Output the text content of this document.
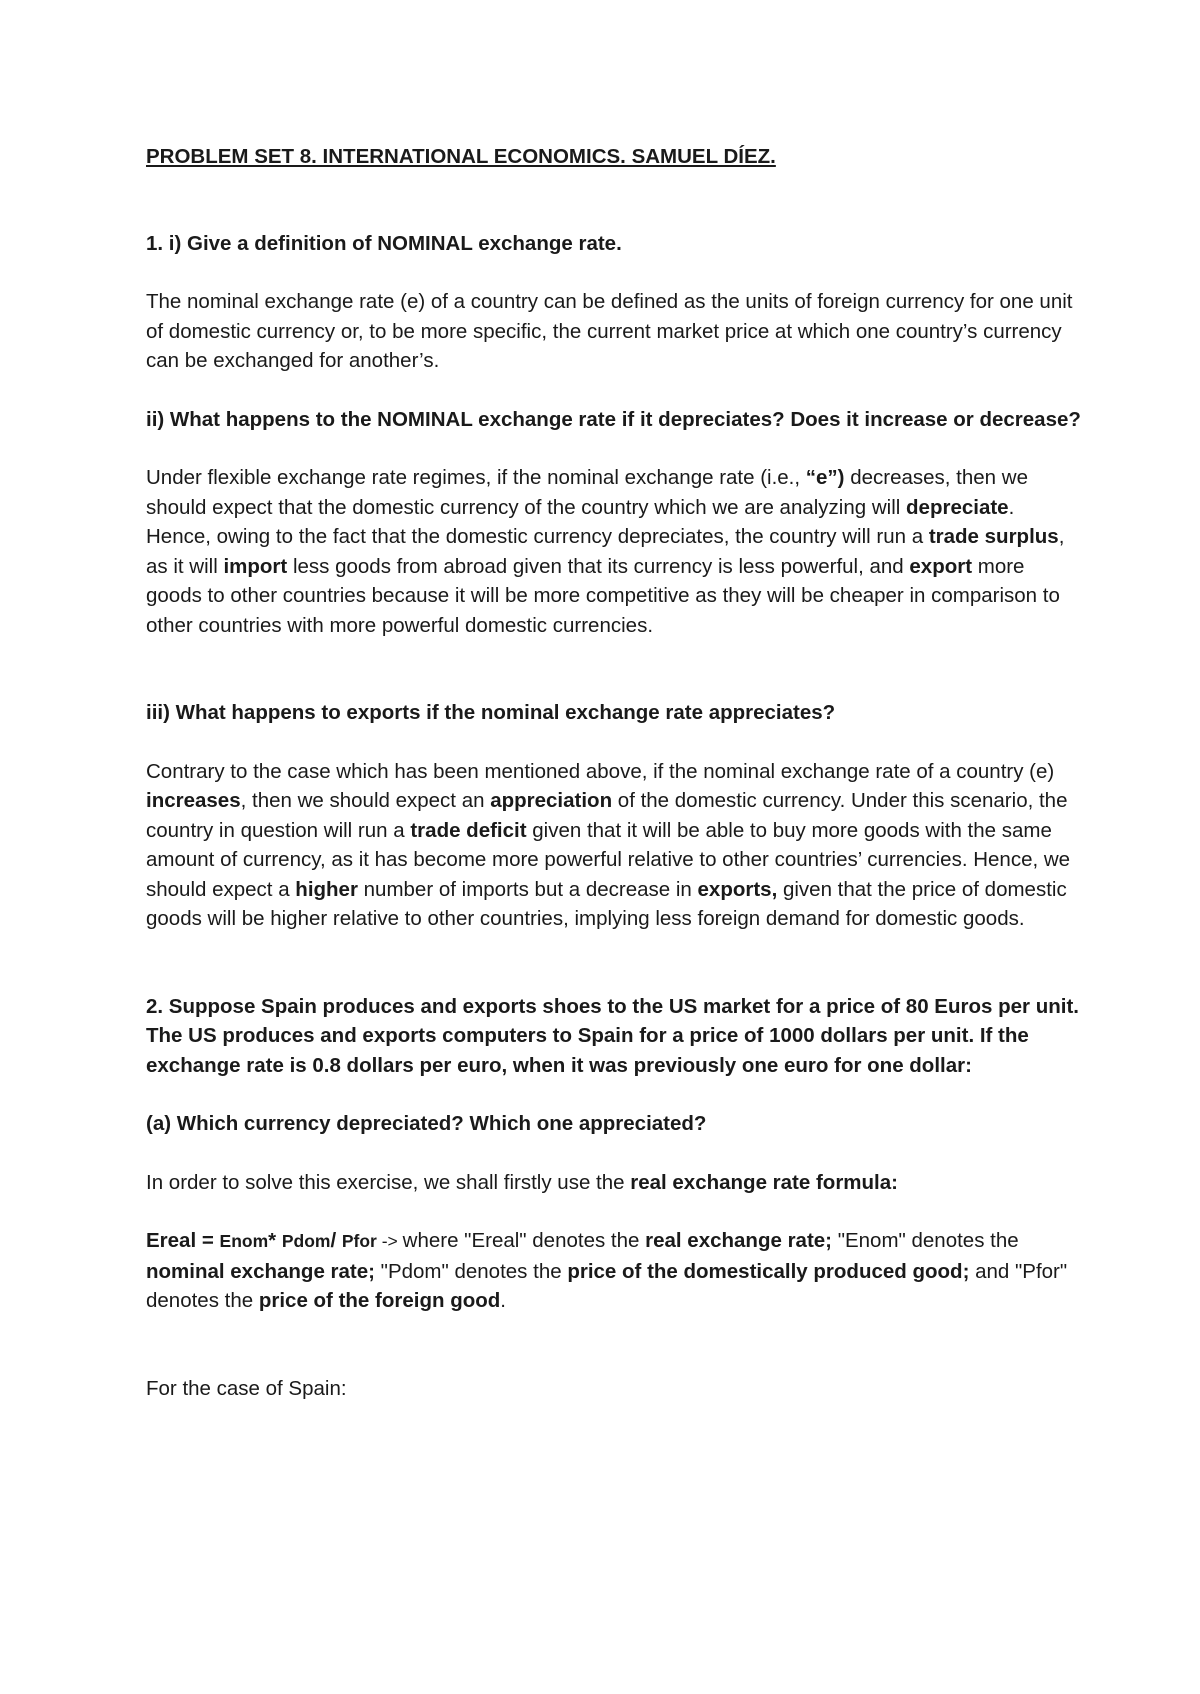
PROBLEM SET 8. INTERNATIONAL ECONOMICS. SAMUEL DÍEZ.

1. i) Give a definition of NOMINAL exchange rate.

The nominal exchange rate (e) of a country can be defined as the units of foreign currency for one unit of domestic currency or, to be more specific, the current market price at which one country’s currency can be exchanged for another’s.

ii) What happens to the NOMINAL exchange rate if it depreciates? Does it increase or decrease?

Under flexible exchange rate regimes, if the nominal exchange rate (i.e., “e”) decreases, then we should expect that the domestic currency of the country which we are analyzing will depreciate. Hence, owing to the fact that the domestic currency depreciates, the country will run a trade surplus, as it will import less goods from abroad given that its currency is less powerful, and export more goods to other countries because it will be more competitive as they will be cheaper in comparison to other countries with more powerful domestic currencies.

iii) What happens to exports if the nominal exchange rate appreciates?

Contrary to the case which has been mentioned above, if the nominal exchange rate of a country (e) increases, then we should expect an appreciation of the domestic currency. Under this scenario, the country in question will run a trade deficit given that it will be able to buy more goods with the same amount of currency, as it has become more powerful relative to other countries’ currencies. Hence, we should expect a higher number of imports but a decrease in exports, given that the price of domestic goods will be higher relative to other countries, implying less foreign demand for domestic goods.

2. Suppose Spain produces and exports shoes to the US market for a price of 80 Euros per unit. The US produces and exports computers to Spain for a price of 1000 dollars per unit. If the exchange rate is 0.8 dollars per euro, when it was previously one euro for one dollar:

(a) Which currency depreciated? Which one appreciated?

In order to solve this exercise, we shall firstly use the real exchange rate formula:

Ereal = Enom* Pdom/ Pfor -> where "Ereal" denotes the real exchange rate; "Enom" denotes the nominal exchange rate; "Pdom" denotes the price of the domestically produced good; and "Pfor" denotes the price of the foreign good.

For the case of Spain:
